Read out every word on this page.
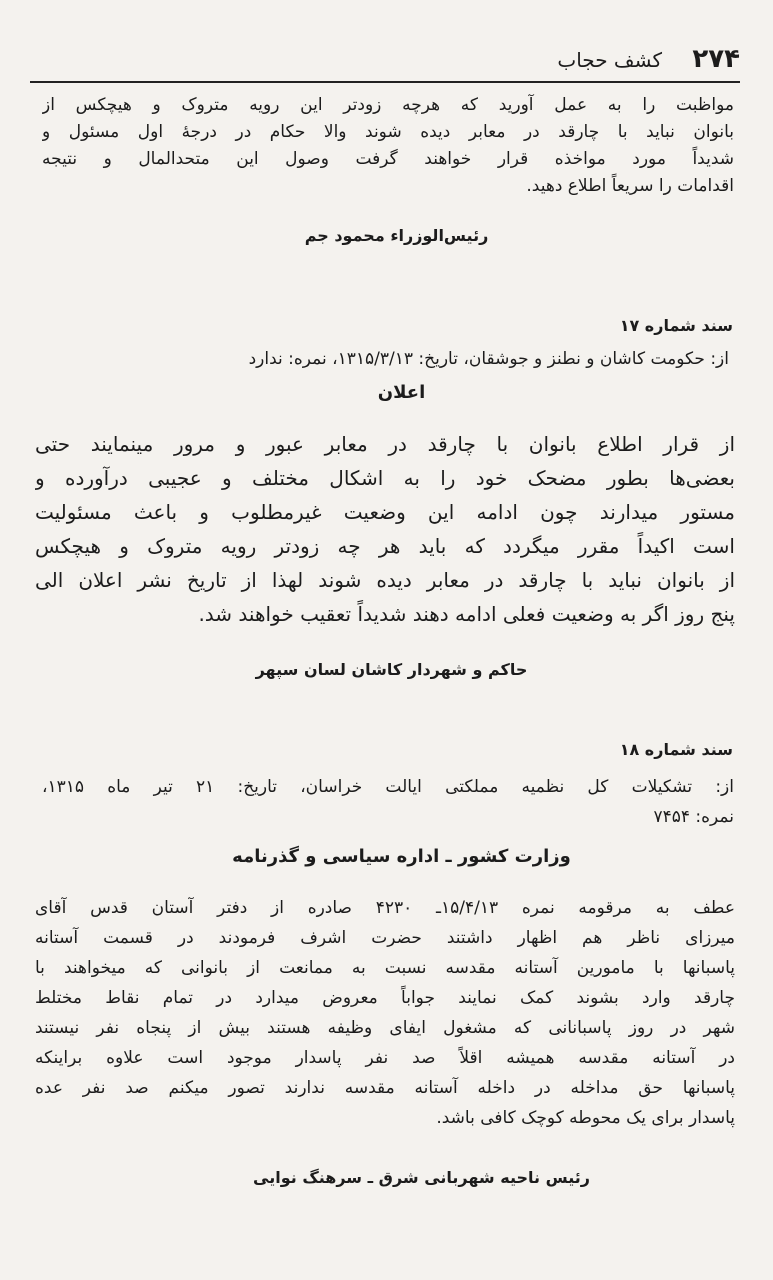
۲۷۴
کشف حجاب
مواظبت را به عمل آورید که هرچه زودتر این رویه متروک و هیچکس از
بانوان نباید با چارقد در معابر دیده شوند والا حکام در درجهٔ اول مسئول و
شدیداً مورد مواخذه قرار خواهند گرفت وصول این متحدالمال و نتیجه
اقدامات را سریعاً اطلاع دهید.
رئیس‌الوزراء محمود جم
سند شماره ۱۷
از: حکومت کاشان و نطنز و جوشقان، تاریخ: ۱۳۱۵/۳/۱۳، نمره: ندارد
اعلان
از قرار اطلاع بانوان با چارقد در معابر عبور و مرور مینمایند حتی
بعضی‌ها بطور مضحک خود را به اشکال مختلف و عجیبی درآورده و
مستور میدارند چون ادامه این وضعیت غیرمطلوب و باعث مسئولیت
است اکیداً مقرر میگردد که باید هر چه زودتر رویه متروک و هیچکس
از بانوان نباید با چارقد در معابر دیده شوند لهذا از تاریخ نشر اعلان الی
پنج روز اگر به وضعیت فعلی ادامه دهند شدیداً تعقیب خواهند شد.
حاکم و شهردار کاشان لسان سپهر
سند شماره ۱۸
از: تشکیلات کل نظمیه مملکتی ایالت خراسان، تاریخ: ۲۱ تیر ماه ۱۳۱۵،
نمره: ۷۴۵۴
وزارت کشور ـ اداره سیاسی و گذرنامه
عطف به مرقومه نمره ۱۵/۴/۱۳ـ ۴۲۳۰ صادره از دفتر آستان قدس آقای
میرزای ناظر هم اظهار داشتند حضرت اشرف فرمودند در قسمت آستانه
پاسبانها با مامورین آستانه مقدسه نسبت به ممانعت از بانوانی که میخواهند با
چارقد وارد بشوند کمک نمایند جواباً معروض میدارد در تمام نقاط مختلط
شهر در روز پاسبانانی که مشغول ایفای وظیفه هستند بیش از پنجاه نفر نیستند
در آستانه مقدسه همیشه اقلاً صد نفر پاسدار موجود است علاوه براینکه
پاسبانها حق مداخله در داخله آستانه مقدسه ندارند تصور میکنم صد نفر عده
پاسدار برای یک محوطه کوچک کافی باشد.
رئیس ناحیه شهربانی شرق ـ سرهنگ نوایی
